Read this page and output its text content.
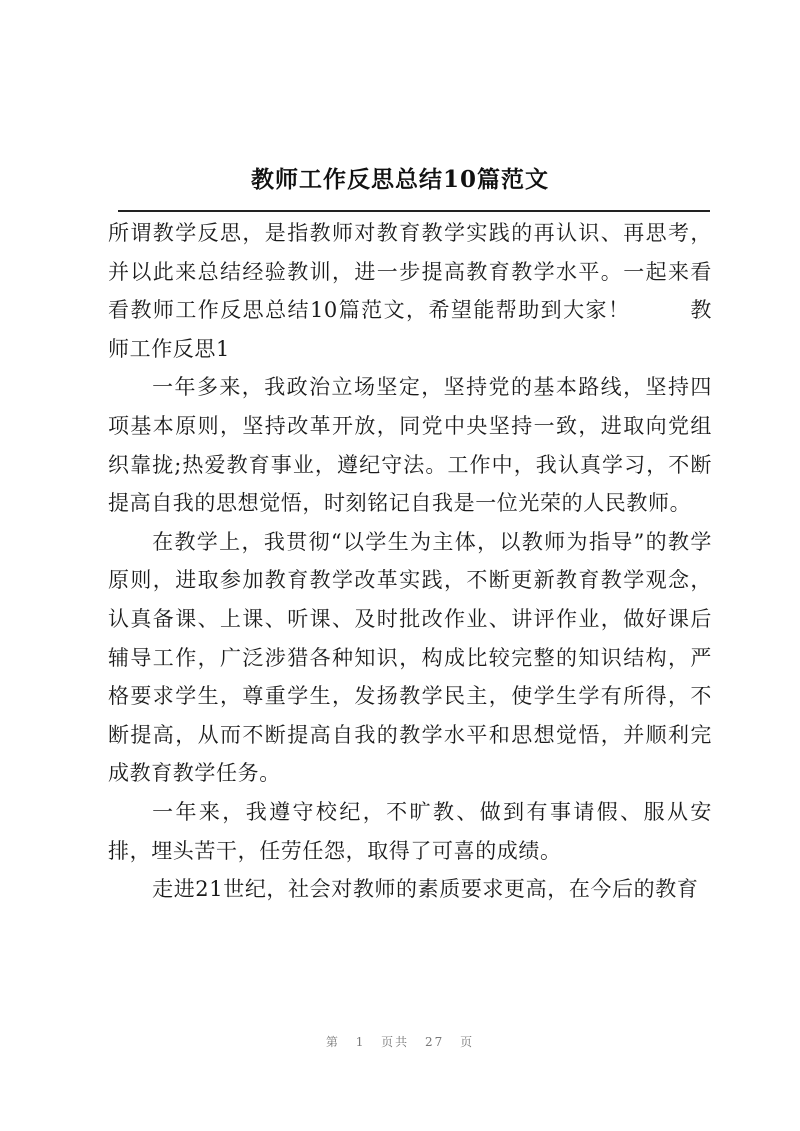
教师工作反思总结10篇范文

所谓教学反思，是指教师对教育教学实践的再认识、再思考，并以此来总结经验教训，进一步提高教育教学水平。一起来看看教师工作反思总结10篇范文，希望能帮助到大家！	教师工作反思1

一年多来，我政治立场坚定，坚持党的基本路线，坚持四项基本原则，坚持改革开放，同党中央坚持一致，进取向党组织靠拢;热爱教育事业，遵纪守法。工作中，我认真学习，不断提高自我的思想觉悟，时刻铭记自我是一位光荣的人民教师。

在教学上，我贯彻“以学生为主体，以教师为指导”的教学原则，进取参加教育教学改革实践，不断更新教育教学观念，认真备课、上课、听课、及时批改作业、讲评作业，做好课后辅导工作，广泛涉猎各种知识，构成比较完整的知识结构，严格要求学生，尊重学生，发扬教学民主，使学生学有所得，不断提高，从而不断提高自我的教学水平和思想觉悟，并顺利完成教育教学任务。

一年来，我遵守校纪，不旷教、做到有事请假、服从安排，埋头苦干，任劳任怨，取得了可喜的成绩。

走进21世纪，社会对教师的素质要求更高，在今后的教育

第 1 页共 27 页
